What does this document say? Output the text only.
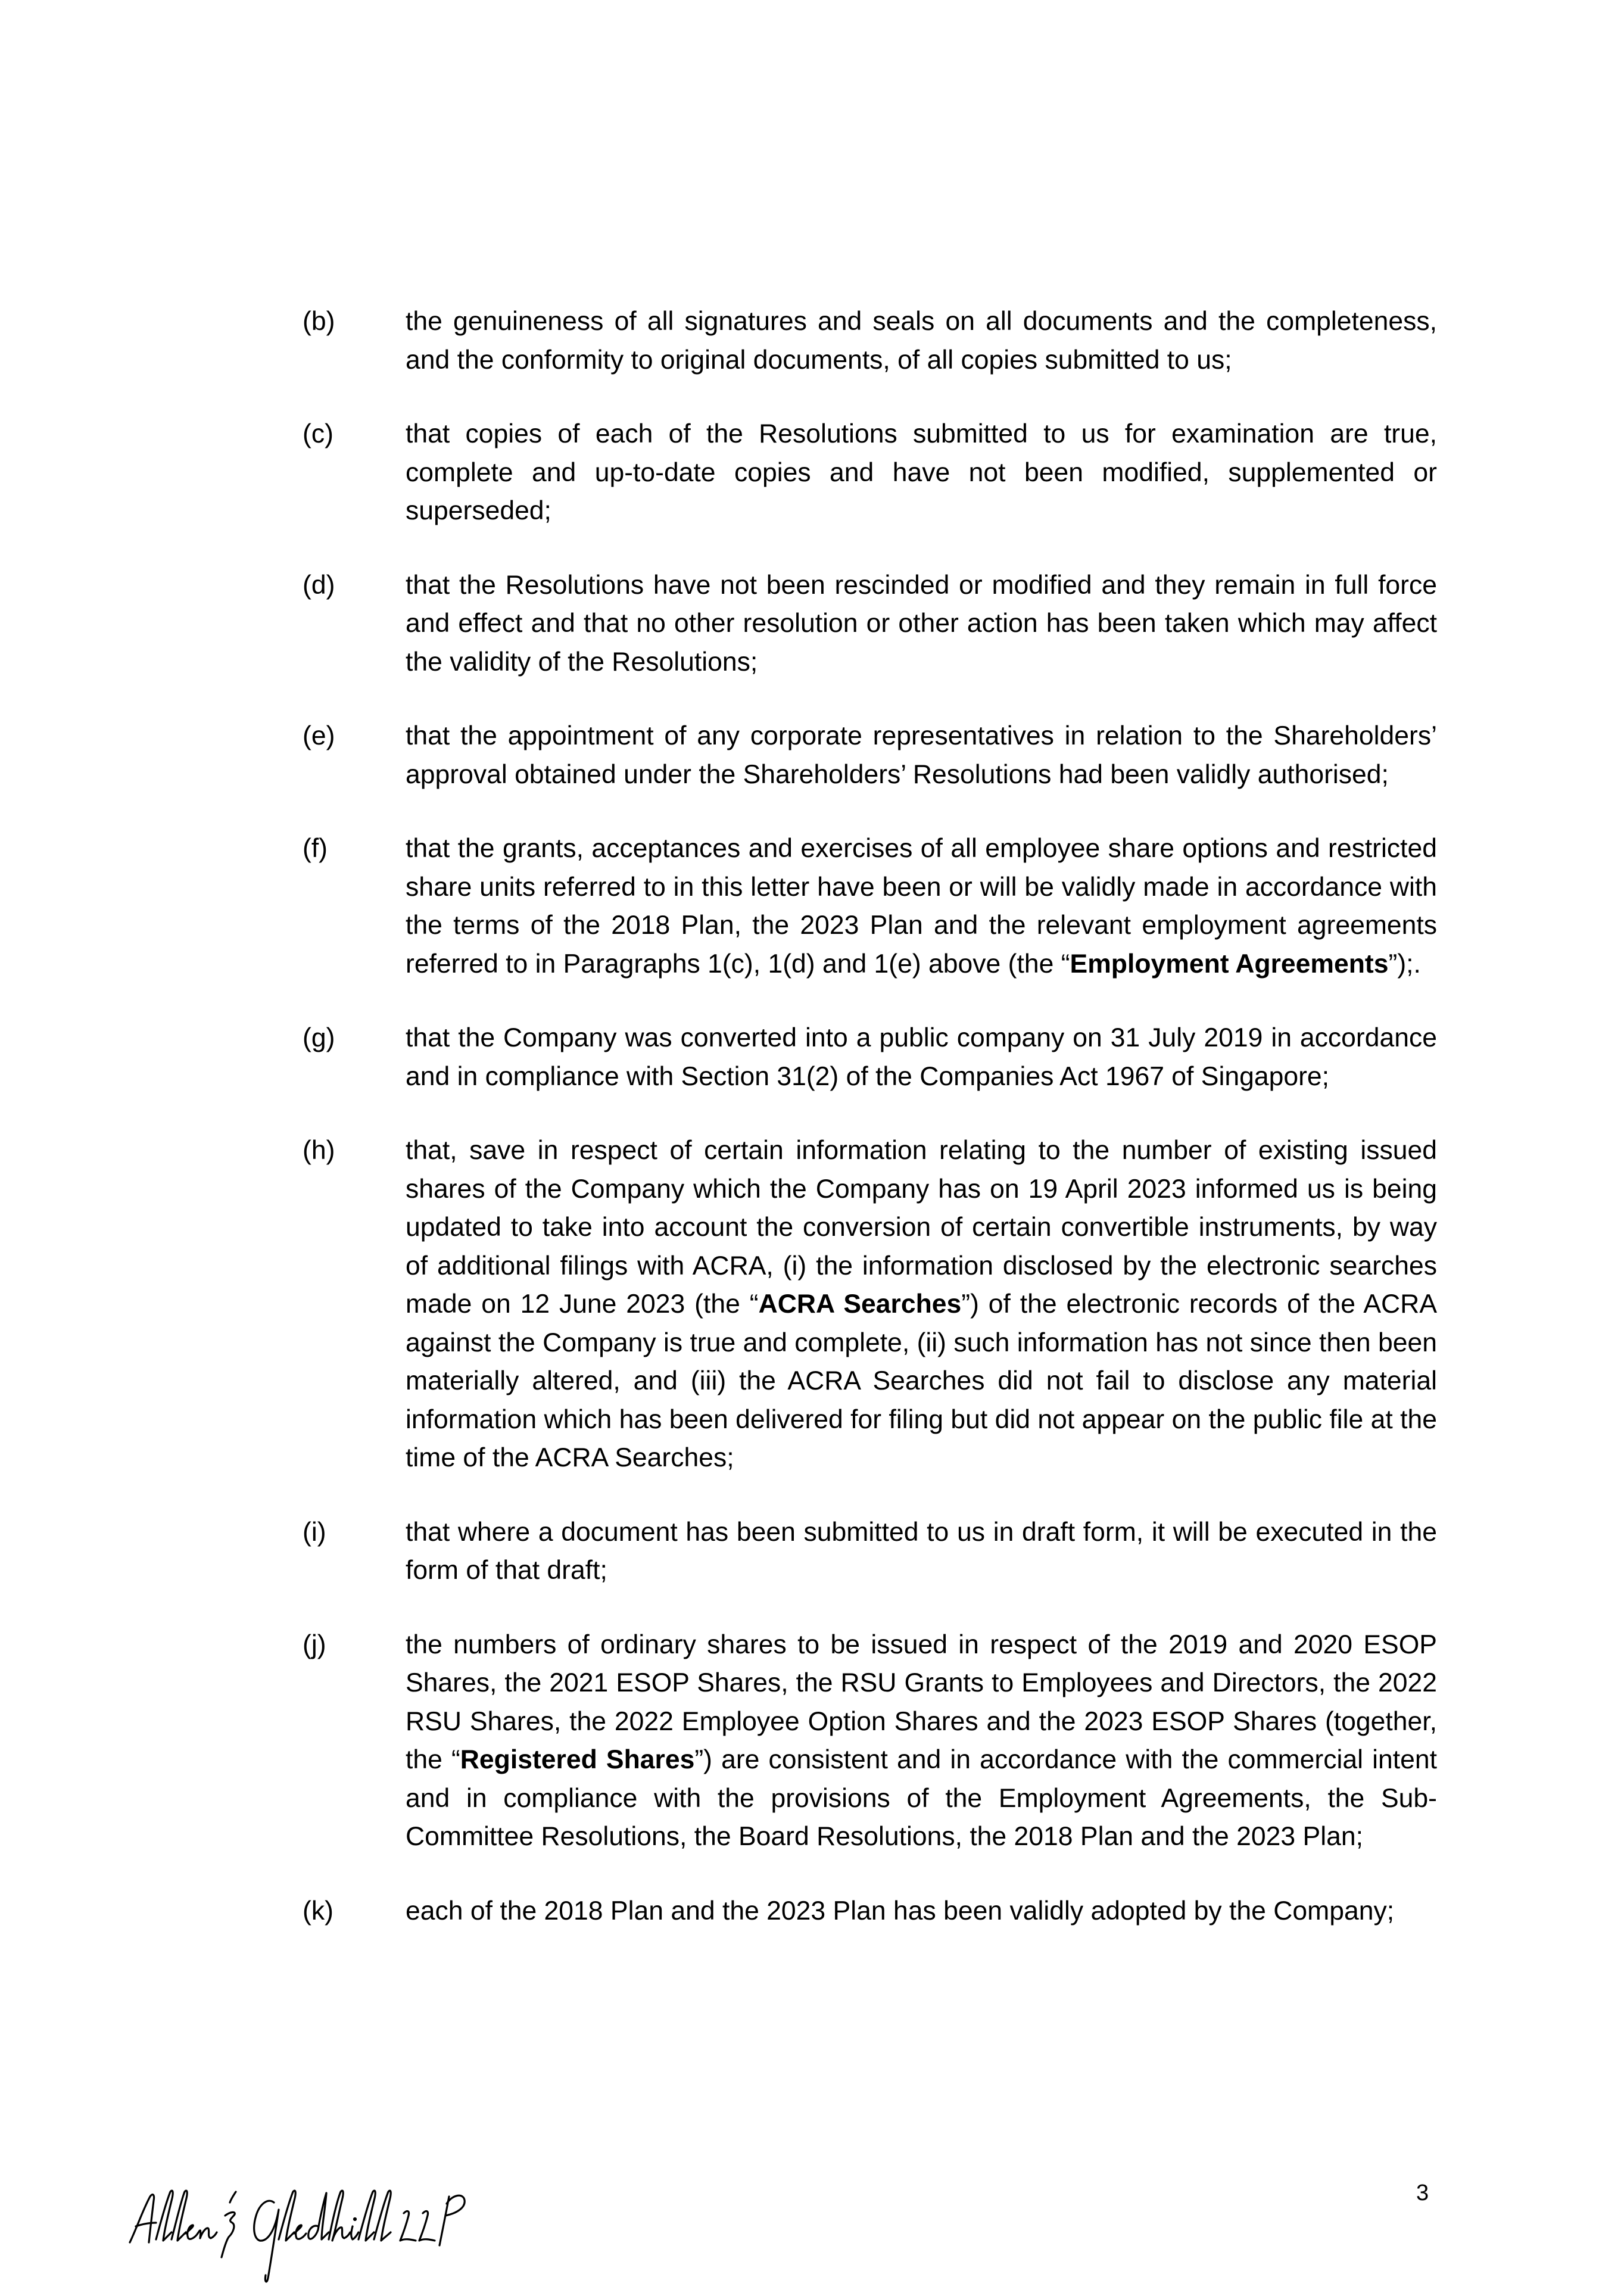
(b)	the genuineness of all signatures and seals on all documents and the completeness, and the conformity to original documents, of all copies submitted to us;
(c)	that copies of each of the Resolutions submitted to us for examination are true, complete and up-to-date copies and have not been modified, supplemented or superseded;
(d)	that the Resolutions have not been rescinded or modified and they remain in full force and effect and that no other resolution or other action has been taken which may affect the validity of the Resolutions;
(e)	that the appointment of any corporate representatives in relation to the Shareholders’ approval obtained under the Shareholders’ Resolutions had been validly authorised;
(f)	that the grants, acceptances and exercises of all employee share options and restricted share units referred to in this letter have been or will be validly made in accordance with the terms of the 2018 Plan, the 2023 Plan and the relevant employment agreements referred to in Paragraphs 1(c), 1(d) and 1(e) above (the “Employment Agreements”);.
(g)	that the Company was converted into a public company on 31 July 2019 in accordance and in compliance with Section 31(2) of the Companies Act 1967 of Singapore;
(h)	that, save in respect of certain information relating to the number of existing issued shares of the Company which the Company has on 19 April 2023 informed us is being updated to take into account the conversion of certain convertible instruments, by way of additional filings with ACRA, (i) the information disclosed by the electronic searches made on 12 June 2023 (the “ACRA Searches”) of the electronic records of the ACRA against the Company is true and complete, (ii) such information has not since then been materially altered, and (iii) the ACRA Searches did not fail to disclose any material information which has been delivered for filing but did not appear on the public file at the time of the ACRA Searches;
(i)	that where a document has been submitted to us in draft form, it will be executed in the form of that draft;
(j)	the numbers of ordinary shares to be issued in respect of the 2019 and 2020 ESOP Shares, the 2021 ESOP Shares, the RSU Grants to Employees and Directors, the 2022 RSU Shares, the 2022 Employee Option Shares and the 2023 ESOP Shares (together, the “Registered Shares”) are consistent and in accordance with the commercial intent and in compliance with the provisions of the Employment Agreements, the Sub-Committee Resolutions, the Board Resolutions, the 2018 Plan and the 2023 Plan;
(k)	each of the 2018 Plan and the 2023 Plan has been validly adopted by the Company;
3
